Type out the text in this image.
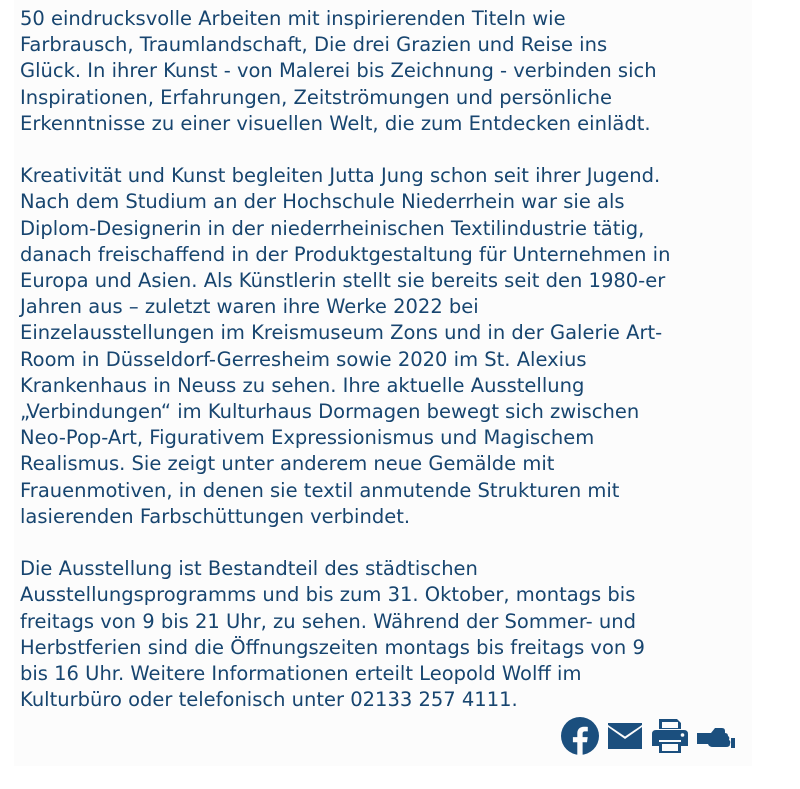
50 eindrucksvolle Arbeiten mit inspirierenden Titeln wie
Farbrausch, Traumlandschaft, Die drei Grazien und Reise ins
Glück. In ihrer Kunst - von Malerei bis Zeichnung - verbinden sich
Inspirationen, Erfahrungen, Zeitströmungen und persönliche
Erkenntnisse zu einer visuellen Welt, die zum Entdecken einlädt.

Kreativität und Kunst begleiten Jutta Jung schon seit ihrer Jugend.
Nach dem Studium an der Hochschule Niederrhein war sie als
Diplom-Designerin in der niederrheinischen Textilindustrie tätig,
danach freischaffend in der Produktgestaltung für Unternehmen in
Europa und Asien. Als Künstlerin stellt sie bereits seit den 1980-er
Jahren aus – zuletzt waren ihre Werke 2022 bei
Einzelausstellungen im Kreismuseum Zons und in der Galerie Art-
Room in Düsseldorf-Gerresheim sowie 2020 im St. Alexius
Krankenhaus in Neuss zu sehen. Ihre aktuelle Ausstellung
„Verbindungen“ im Kulturhaus Dormagen bewegt sich zwischen
Neo-Pop-Art, Figurativem Expressionismus und Magischem
Realismus. Sie zeigt unter anderem neue Gemälde mit
Frauenmotiven, in denen sie textil anmutende Strukturen mit
lasierenden Farbschüttungen verbindet.

Die Ausstellung ist Bestandteil des städtischen
Ausstellungsprogramms und bis zum 31. Oktober, montags bis
freitags von 9 bis 21 Uhr, zu sehen. Während der Sommer- und
Herbstferien sind die Öffnungszeiten montags bis freitags von 9
bis 16 Uhr. Weitere Informationen erteilt Leopold Wolff im
Kulturbüro oder telefonisch unter 02133 257 4111.
